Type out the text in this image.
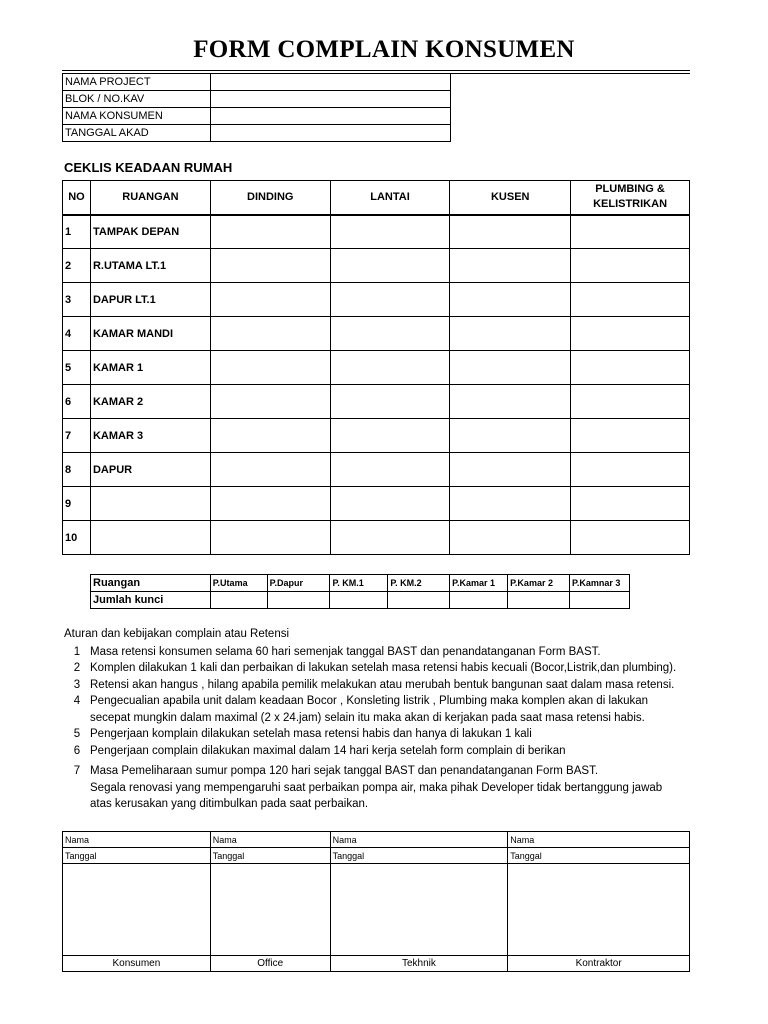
FORM COMPLAIN KONSUMEN
NAMA PROJECT	
BLOK / NO.KAV	
NAMA KONSUMEN	
TANGGAL AKAD	
CEKLIS KEADAAN RUMAH
NO	RUANGAN	DINDING	LANTAI	KUSEN	PLUMBING & KELISTRIKAN
1	TAMPAK DEPAN				
2	R.UTAMA LT.1				
3	DAPUR LT.1				
4	KAMAR MANDI				
5	KAMAR 1				
6	KAMAR 2				
7	KAMAR 3				
8	DAPUR				
9					
10					
Ruangan	P.Utama	P.Dapur	P. KM.1	P. KM.2	P.Kamar 1	P.Kamar 2	P.Kamnar 3
Jumlah kunci							
Aturan dan kebijakan complain atau Retensi
1 Masa retensi konsumen selama 60 hari semenjak tanggal BAST dan penandatanganan Form BAST.
2 Komplen dilakukan 1 kali dan perbaikan di lakukan setelah masa retensi habis kecuali (Bocor,Listrik,dan plumbing).
3 Retensi akan hangus , hilang apabila pemilik melakukan atau merubah bentuk bangunan saat dalam masa retensi.
4 Pengecualian apabila unit dalam keadaan Bocor , Konsleting listrik , Plumbing maka komplen akan di lakukan
secepat mungkin dalam maximal (2 x 24.jam) selain itu maka akan di kerjakan pada saat masa retensi habis.
5 Pengerjaan komplain dilakukan setelah masa retensi habis dan hanya di lakukan 1 kali
6 Pengerjaan complain dilakukan maximal dalam 14 hari kerja setelah form complain di berikan
7 Masa Pemeliharaan sumur pompa 120 hari sejak tanggal BAST dan penandatanganan Form BAST.
Segala renovasi yang mempengaruhi saat perbaikan pompa air, maka pihak Developer tidak bertanggung jawab
atas kerusakan yang ditimbulkan pada saat perbaikan.
Nama	Nama	Nama	Nama
Tanggal	Tanggal	Tanggal	Tanggal

Konsumen	Office	Tekhnik	Kontraktor
